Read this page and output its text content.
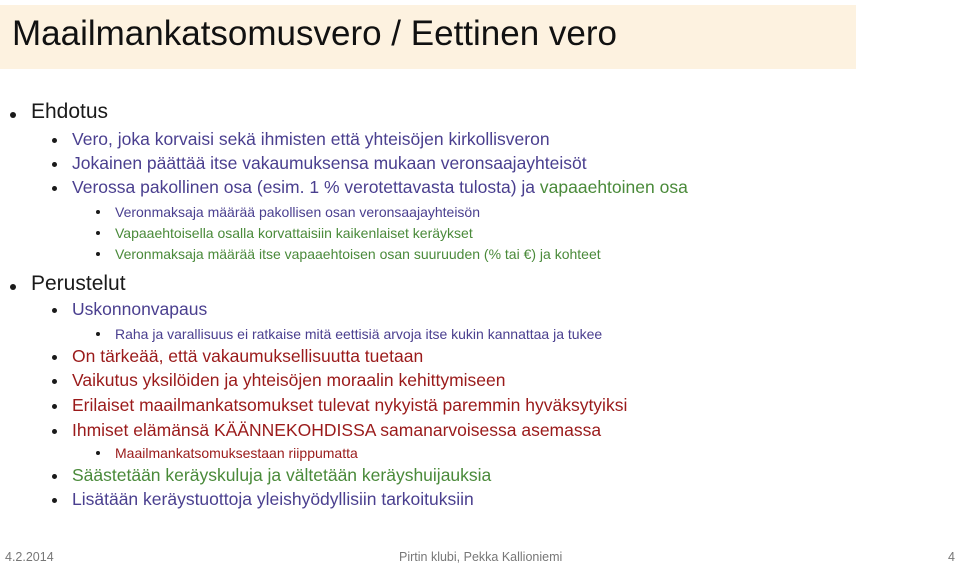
Maailmankatsomusvero / Eettinen vero
Ehdotus
Vero, joka korvaisi sekä ihmisten että yhteisöjen kirkollisveron
Jokainen päättää itse vakaumuksensa mukaan veronsaajayhteisöt
Verossa pakollinen osa (esim. 1 % verotettavasta tulosta) ja vapaaehtoinen osa
Veronmaksaja määrää pakollisen osan veronsaajayhteisön
Vapaaehtoisella osalla korvattaisiin kaikenlaiset keräykset
Veronmaksaja määrää itse vapaaehtoisen osan suuruuden (% tai €) ja kohteet
Perustelut
Uskonnonvapaus
Raha ja varallisuus ei ratkaise mitä eettisiä arvoja itse kukin kannattaa ja tukee
On tärkeää, että vakaumuksellisuutta tuetaan
Vaikutus yksilöiden ja yhteisöjen moraalin kehittymiseen
Erilaiset maailmankatsomukset tulevat nykyistä paremmin hyväksytyiksi
Ihmiset elämänsä KÄÄNNEKOHDISSA samanarvoisessa asemassa
Maailmankatsomuksestaan riippumatta
Säästetään keräyskuluja ja vältetään keräyshuijauksia
Lisätään keräystuottoja yleishyödyllisiin tarkoituksiin
4.2.2014	Pirtin klubi, Pekka Kallioniemi	4
